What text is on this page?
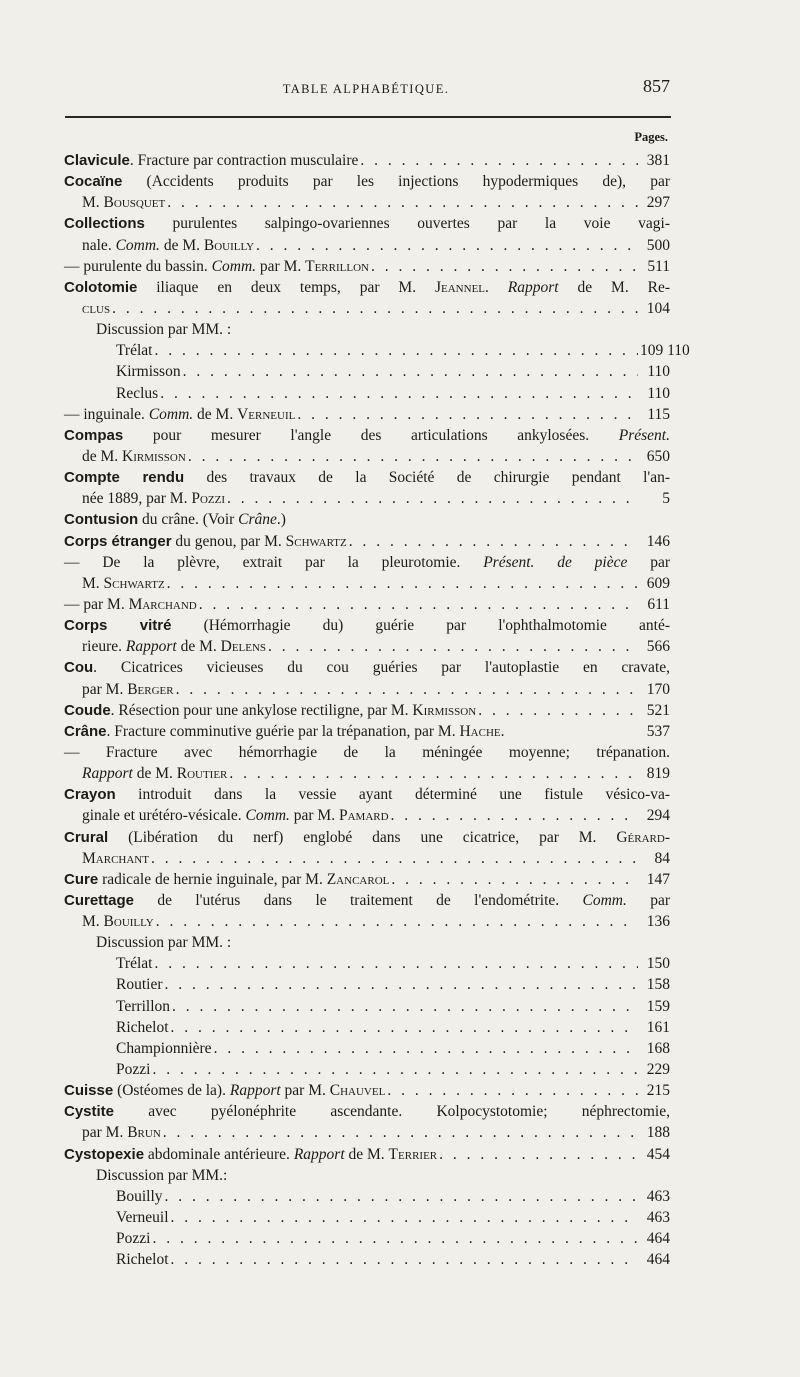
TABLE ALPHABÉTIQUE.	857
Pages.
Clavicule. Fracture par contraction musculaire . . .	381
Cocaïne (Accidents produits par les injections hypodermiques de), par
M. Bousquet . . .	297
Collections purulentes salpingo-ovariennes ouvertes par la voie vagi-
nale. Comm. de M. Bouilly . . .	500
— purulente du bassin. Comm. par M. Terrillon . . .	511
Colotomie iliaque en deux temps, par M. Jeannel. Rapport de M. Re-
clus . . .	104
Discussion par MM. :
Trélat . . .	109 110
Kirmisson . . .	110
Reclus . . .	110
— inguinale. Comm. de M. Verneuil . . .	115
Compas pour mesurer l'angle des articulations ankylosées. Présent.
de M. Kirmisson . . .	650
Compte rendu des travaux de la Société de chirurgie pendant l'an-
née 1889, par M. Pozzi . . .	5
Contusion du crâne. (Voir Crâne.)
Corps étranger du genou, par M. Schwartz . . .	146
— De la plèvre, extrait par la pleurotomie. Présent. de pièce par
M. Schwartz . . .	609
— par M. Marchand . . .	611
Corps vitré (Hémorrhagie du) guérie par l'ophthalmotomie anté-
rieure. Rapport de M. Delens . . .	566
Cou. Cicatrices vicieuses du cou guéries par l'autoplastie en cravate,
par M. Berger . . .	170
Coude. Résection pour une ankylose rectiligne, par M. Kirmisson . . .	521
Crâne. Fracture comminutive guérie par la trépanation, par M. Hache.	537
— Fracture avec hémorrhagie de la méningée moyenne; trépanation.
Rapport de M. Routier . . .	819
Crayon introduit dans la vessie ayant déterminé une fistule vésico-va-
ginale et urétéro-vésicale. Comm. par M. Pamard . . .	294
Crural (Libération du nerf) englobé dans une cicatrice, par M. Gérard-
Marchant . . .	84
Cure radicale de hernie inguinale, par M. Zancarol . . .	147
Curettage de l'utérus dans le traitement de l'endométrite. Comm. par
M. Bouilly . . .	136
Discussion par MM. :
Trélat . . .	150
Routier . . .	158
Terrillon . . .	159
Richelot . . .	161
Championnière . . .	168
Pozzi . . .	229
Cuisse (Ostéomes de la). Rapport par M. Chauvel . . .	215
Cystite avec pyélonéphrite ascendante. Kolpocystotomie; néphrectomie,
par M. Brun . . .	188
Cystopexie abdominale antérieure. Rapport de M. Terrier . . .	454
Discussion par MM.:
Bouilly . . .	463
Verneuil . . .	463
Pozzi . . .	464
Richelot . . .	464
